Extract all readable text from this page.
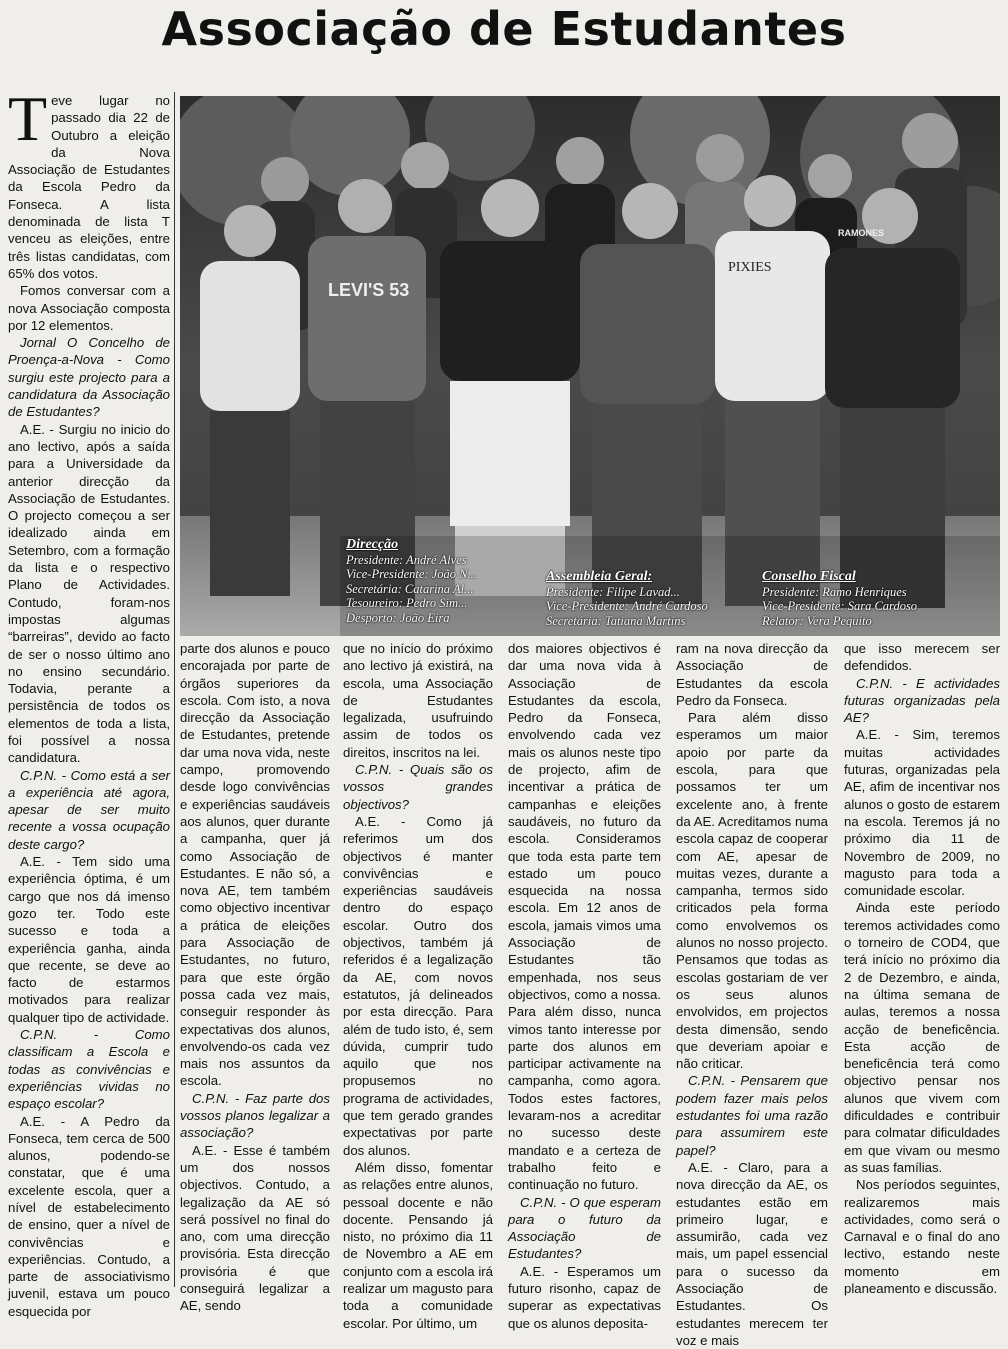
Associação de Estudantes
LEVI'S 53
RAMONES
PIXIES
Direcção
Presidente: André Alves
Vice-Presidente: João N...
Secretária: Catarina Al...
Tesoureiro: Pedro Sim...
Desporto: João Eira
Assembleia Geral:
Presidente: Filipe Lavad...
Vice-Presidente: André Cardoso
Secretária: Tatiana Martins
Conselho Fiscal
Presidente: Ramo Henriques
Vice-Presidente: Sara Cardoso
Relator: Vera Pequito
T eve lugar no passado dia 22 de Outubro a eleição da Nova Associação de Estudantes da Escola Pedro da Fonseca. A lista denominada de lista T venceu as eleições, entre três listas candidatas, com 65% dos votos.

Fomos conversar com a nova Associação composta por 12 elementos.

Jornal O Concelho de Proença-a-Nova - Como surgiu este projecto para a candidatura da Associação de Estudantes?

A.E. - Surgiu no inicio do ano lectivo, após a saída para a Universidade da anterior direcção da Associação de Estudantes. O projecto começou a ser idealizado ainda em Setembro, com a formação da lista e o respectivo Plano de Actividades. Contudo, foram-nos impostas algumas “barreiras”, devido ao facto de ser o nosso último ano no ensino secundário. Todavia, perante a persistência de todos os elementos de toda a lista, foi possível a nossa candidatura.

C.P.N. - Como está a ser a experiência até agora, apesar de ser muito recente a vossa ocupação deste cargo?

A.E. - Tem sido uma experiência óptima, é um cargo que nos dá imenso gozo ter. Todo este sucesso e toda a experiência ganha, ainda que recente, se deve ao facto de estarmos motivados para realizar qualquer tipo de actividade.

C.P.N. - Como classificam a Escola e todas as convivências e experiências vividas no espaço escolar?

A.E. - A Pedro da Fonseca, tem cerca de 500 alunos, podendo-se constatar, que é uma excelente escola, quer a nível de estabelecimento de ensino, quer a nível de convivências e experiências. Contudo, a parte de associativismo juvenil, estava um pouco esquecida por

parte dos alunos e pouco encorajada por parte de órgãos superiores da escola. Com isto, a nova direcção da Associação de Estudantes, pretende dar uma nova vida, neste campo, promovendo desde logo convivências e experiências saudáveis aos alunos, quer durante a campanha, quer já como Associação de Estudantes. E não só, a nova AE, tem também como objectivo incentivar a prática de eleições para Associação de Estudantes, no futuro, para que este órgão possa cada vez mais, conseguir responder às expectativas dos alunos, envolvendo-os cada vez mais nos assuntos da escola.

C.P.N. - Faz parte dos vossos planos legalizar a associação?

A.E. - Esse é também um dos nossos objectivos. Contudo, a legalização da AE só será possível no final do ano, com uma direcção provisória. Esta direcção provisória é que conseguirá legalizar a AE, sendo

que no início do próximo ano lectivo já existirá, na escola, uma Associação de Estudantes legalizada, usufruindo assim de todos os direitos, inscritos na lei.

C.P.N. - Quais são os vossos grandes objectivos?

A.E. - Como já referimos um dos objectivos é manter convivências e experiências saudáveis dentro do espaço escolar. Outro dos objectivos, também já referidos é a legalização da AE, com novos estatutos, já delineados por esta direcção. Para além de tudo isto, é, sem dúvida, cumprir tudo aquilo que nos propusemos no programa de actividades, que tem gerado grandes expectativas por parte dos alunos.

Além disso, fomentar as relações entre alunos, pessoal docente e não docente. Pensando já nisto, no próximo dia 11 de Novembro a AE em conjunto com a escola irá realizar um magusto para toda a comunidade escolar. Por último, um

dos maiores objectivos é dar uma nova vida à Associação de Estudantes da escola, Pedro da Fonseca, envolvendo cada vez mais os alunos neste tipo de projecto, afim de incentivar a prática de campanhas e eleições saudáveis, no futuro da escola. Consideramos que toda esta parte tem estado um pouco esquecida na nossa escola. Em 12 anos de escola, jamais vimos uma Associação de Estudantes tão empenhada, nos seus objectivos, como a nossa. Para além disso, nunca vimos tanto interesse por parte dos alunos em participar activamente na campanha, como agora. Todos estes factores, levaram-nos a acreditar no sucesso deste mandato e a certeza de trabalho feito e continuação no futuro.

C.P.N. - O que esperam para o futuro da Associação de Estudantes?

A.E. - Esperamos um futuro risonho, capaz de superar as expectativas que os alunos deposita-

ram na nova direcção da Associação de Estudantes da escola Pedro da Fonseca.

Para além disso esperamos um maior apoio por parte da escola, para que possamos ter um excelente ano, à frente da AE. Acreditamos numa escola capaz de cooperar com AE, apesar de muitas vezes, durante a campanha, termos sido criticados pela forma como envolvemos os alunos no nosso projecto. Pensamos que todas as escolas gostariam de ver os seus alunos envolvidos, em projectos desta dimensão, sendo que deveriam apoiar e não criticar.

C.P.N. - Pensarem que podem fazer mais pelos estudantes foi uma razão para assumirem este papel?

A.E. - Claro, para a nova direcção da AE, os estudantes estão em primeiro lugar, e assumirão, cada vez mais, um papel essencial para o sucesso da Associação de Estudantes. Os estudantes merecem ter voz e mais

que isso merecem ser defendidos.

C.P.N. - E actividades futuras organizadas pela AE?

A.E. - Sim, teremos muitas actividades futuras, organizadas pela AE, afim de incentivar nos alunos o gosto de estarem na escola. Teremos já no próximo dia 11 de Novembro de 2009, no magusto para toda a comunidade escolar.

Ainda este período teremos actividades como o torneiro de COD4, que terá início no próximo dia 2 de Dezembro, e ainda, na última semana de aulas, teremos a nossa acção de beneficência. Esta acção de beneficência terá como objectivo pensar nos alunos que vivem com dificuldades e contribuir para colmatar dificuldades em que vivam ou mesmo as suas famílias.

Nos períodos seguintes, realizaremos mais actividades, como será o Carnaval e o final do ano lectivo, estando neste momento em planeamento e discussão.
